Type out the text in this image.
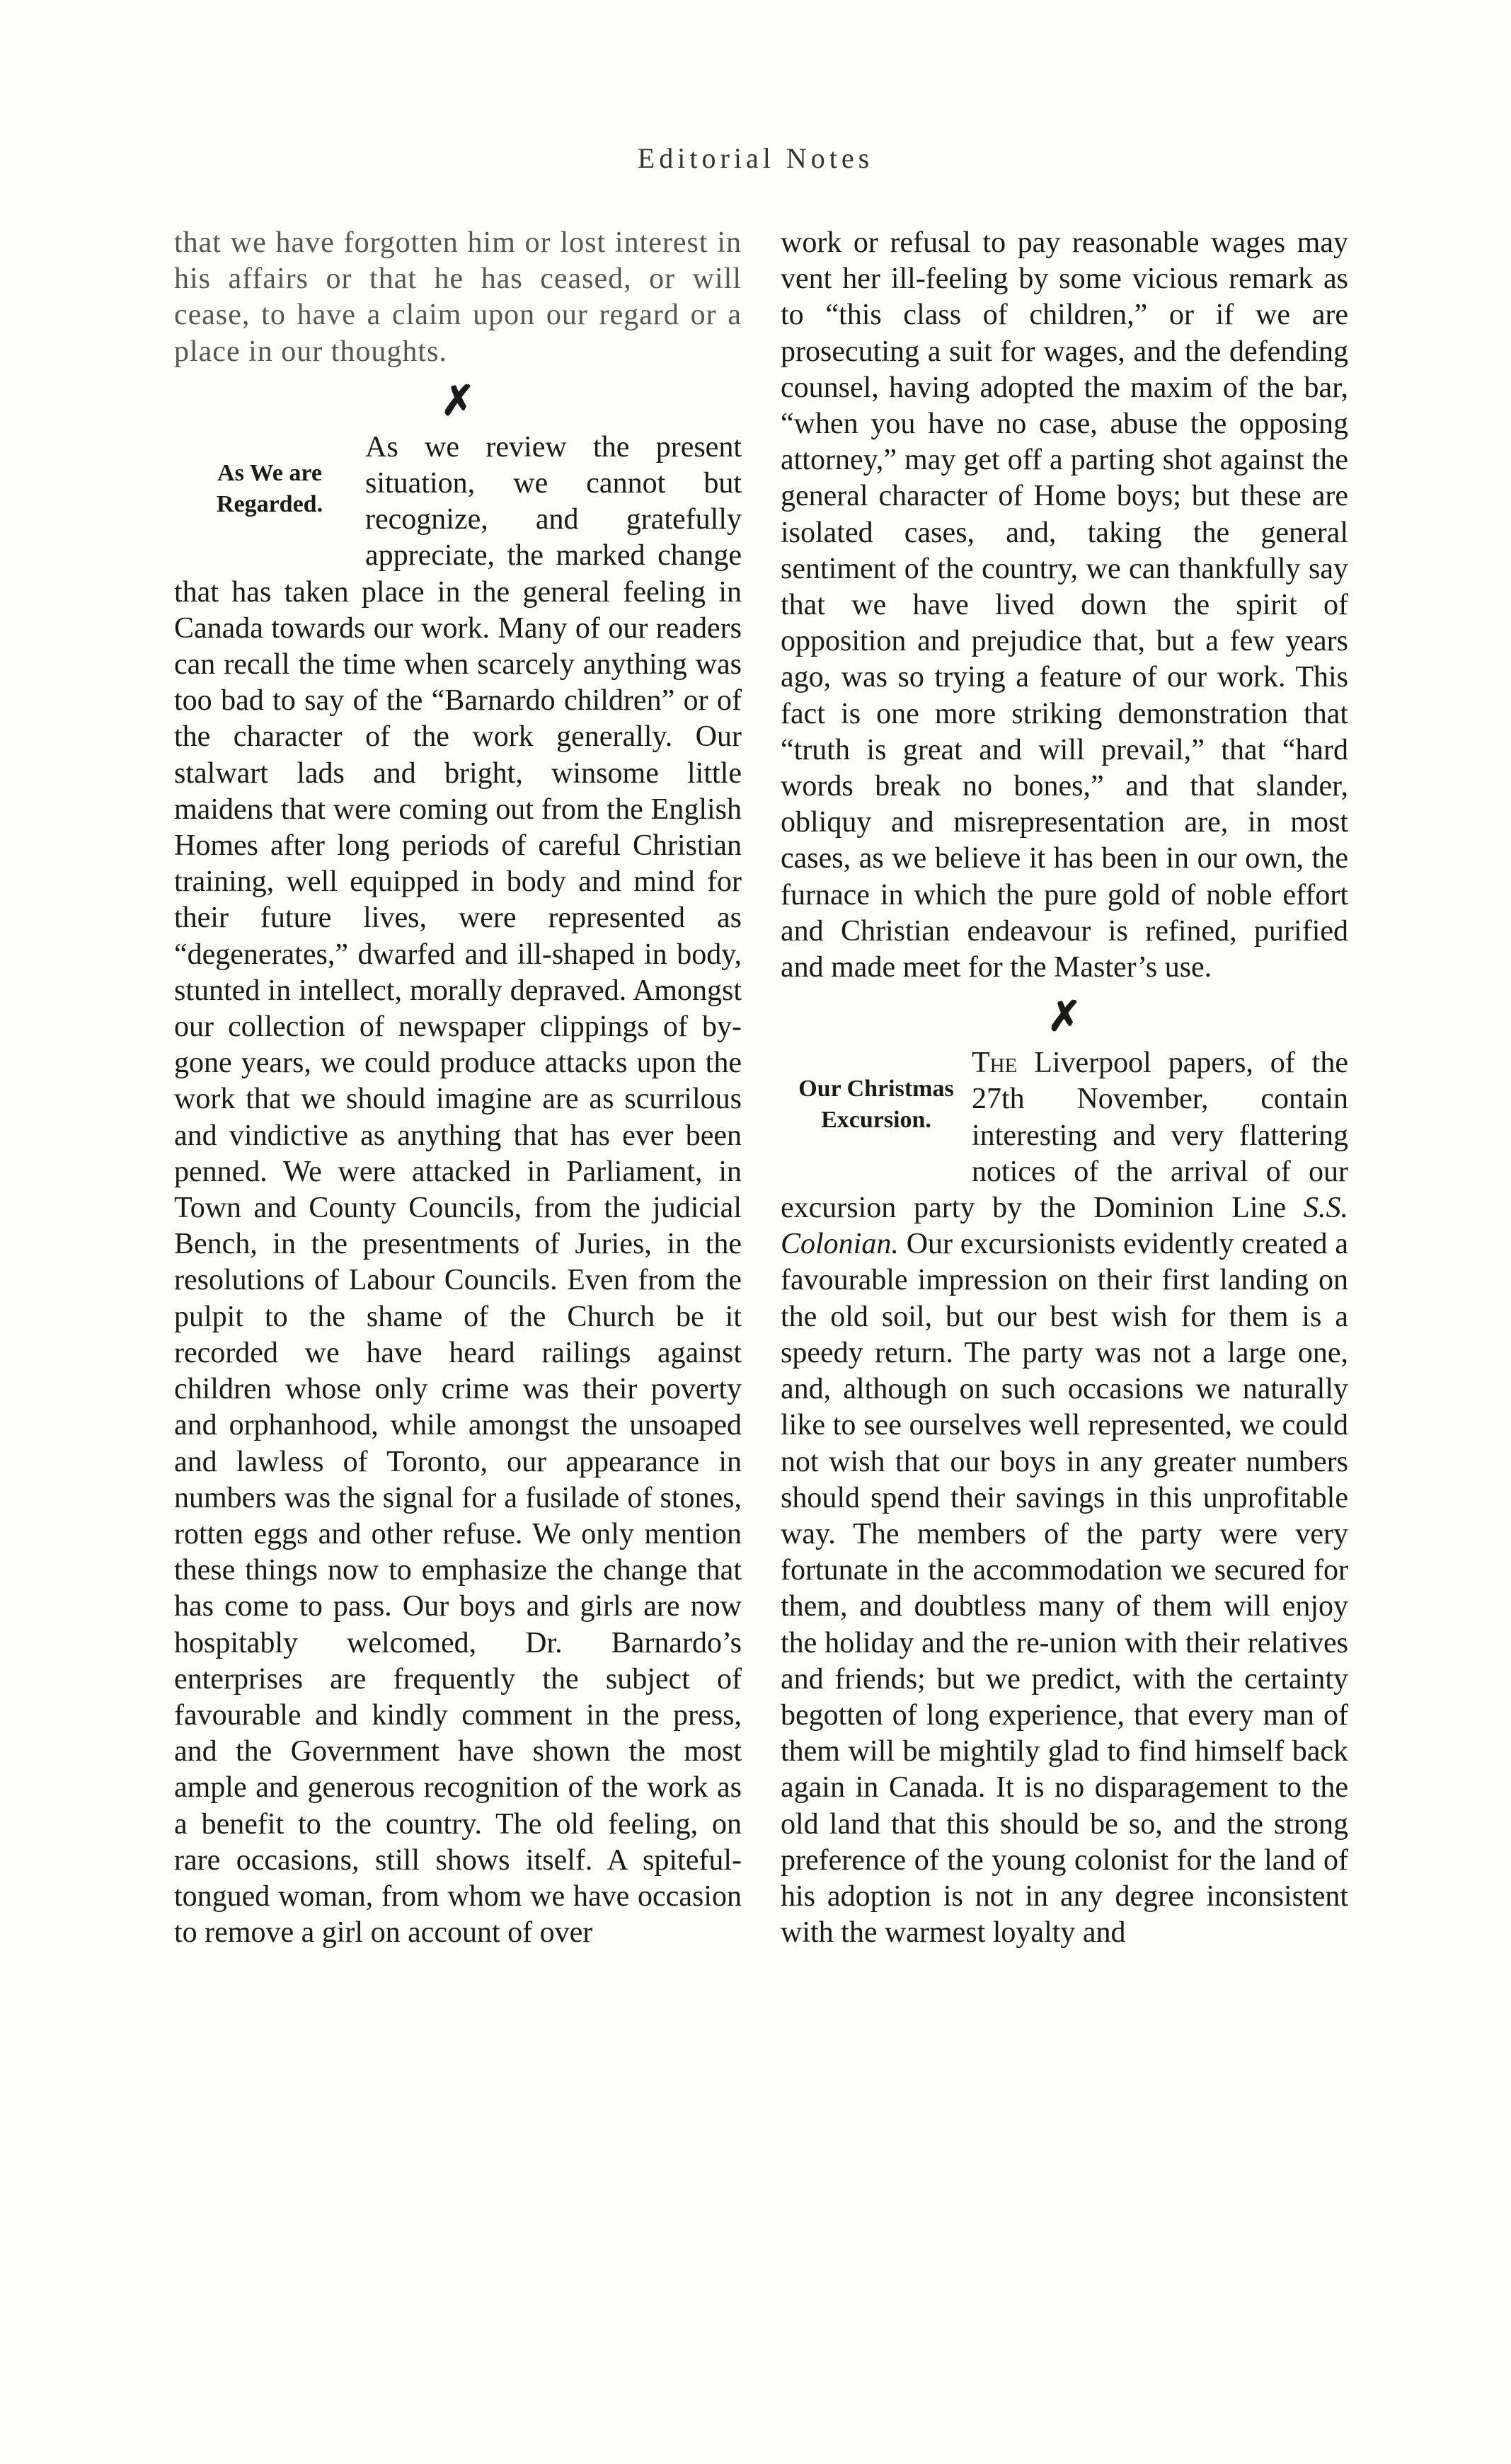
Editorial Notes

that we have forgotten him or lost interest in his affairs or that he has ceased, or will cease, to have a claim upon our regard or a place in our thoughts.

✗

As We are
Regarded.
As we review the present situation, we cannot but recognize, and gratefully appreciate, the marked change that has taken place in the general feeling in Canada towards our work. Many of our readers can recall the time when scarcely anything was too bad to say of the “Barnardo children” or of the character of the work generally. Our stalwart lads and bright, winsome little maidens that were coming out from the English Homes after long periods of careful Christian training, well equipped in body and mind for their future lives, were represented as “degenerates,” dwarfed and ill-shaped in body, stunted in intellect, morally depraved. Amongst our collection of newspaper clippings of by-gone years, we could produce attacks upon the work that we should imagine are as scurrilous and vindictive as anything that has ever been penned. We were attacked in Parliament, in Town and County Councils, from the judicial Bench, in the presentments of Juries, in the resolutions of Labour Councils. Even from the pulpit to the shame of the Church be it recorded we have heard railings against children whose only crime was their poverty and orphanhood, while amongst the unsoaped and lawless of Toronto, our appearance in numbers was the signal for a fusilade of stones, rotten eggs and other refuse. We only mention these things now to emphasize the change that has come to pass. Our boys and girls are now hospitably welcomed, Dr. Barnardo’s enterprises are frequently the subject of favourable and kindly comment in the press, and the Government have shown the most ample and generous recognition of the work as a benefit to the country. The old feeling, on rare occasions, still shows itself. A spiteful-tongued woman, from whom we have occasion to remove a girl on account of over

work or refusal to pay reasonable wages may vent her ill-feeling by some vicious remark as to “this class of children,” or if we are prosecuting a suit for wages, and the defending counsel, having adopted the maxim of the bar, “when you have no case, abuse the opposing attorney,” may get off a parting shot against the general character of Home boys; but these are isolated cases, and, taking the general sentiment of the country, we can thankfully say that we have lived down the spirit of opposition and prejudice that, but a few years ago, was so trying a feature of our work. This fact is one more striking demonstration that “truth is great and will prevail,” that “hard words break no bones,” and that slander, obliquy and misrepresentation are, in most cases, as we believe it has been in our own, the furnace in which the pure gold of noble effort and Christian endeavour is refined, purified and made meet for the Master’s use.

✗

Our Christmas
Excursion.
The Liverpool papers, of the 27th November, contain interesting and very flattering notices of the arrival of our excursion party by the Dominion Line S.S. Colonian. Our excursionists evidently created a favourable impression on their first landing on the old soil, but our best wish for them is a speedy return. The party was not a large one, and, although on such occasions we naturally like to see ourselves well represented, we could not wish that our boys in any greater numbers should spend their savings in this unprofitable way. The members of the party were very fortunate in the accommodation we secured for them, and doubtless many of them will enjoy the holiday and the re-union with their relatives and friends; but we predict, with the certainty begotten of long experience, that every man of them will be mightily glad to find himself back again in Canada. It is no disparagement to the old land that this should be so, and the strong preference of the young colonist for the land of his adoption is not in any degree inconsistent with the warmest loyalty and
